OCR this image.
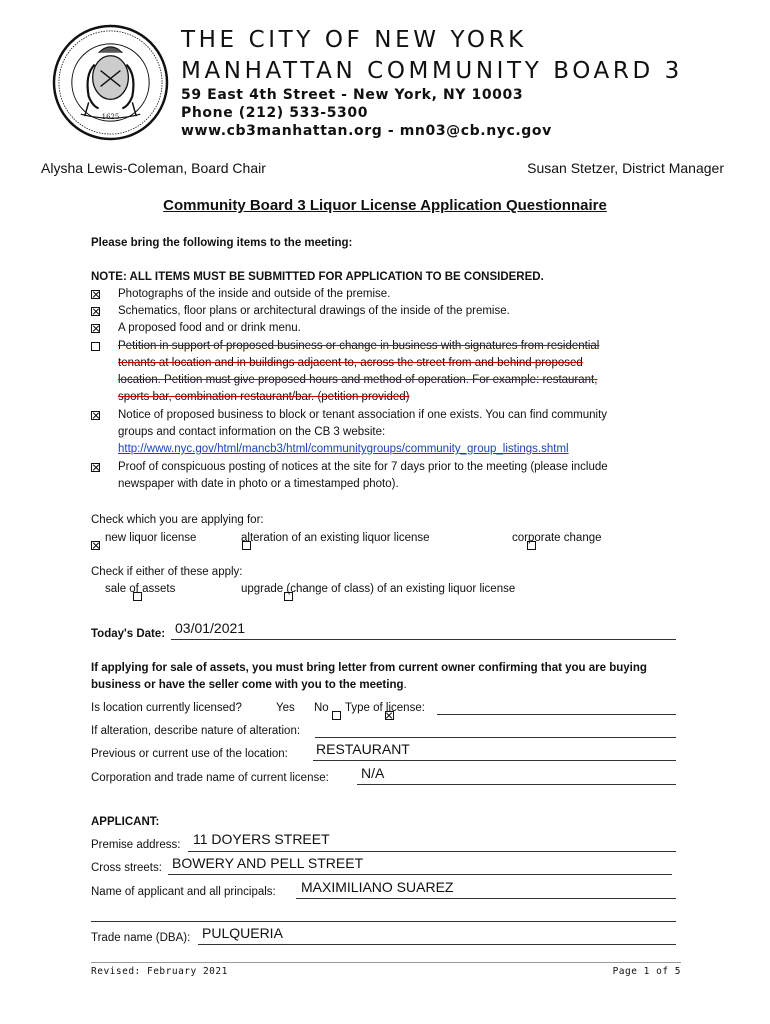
1625
THE CITY OF NEW YORK
MANHATTAN COMMUNITY BOARD 3
59 East 4th Street - New York, NY 10003
Phone (212) 533-5300
www.cb3manhattan.org - mn03@cb.nyc.gov
Alysha Lewis-Coleman, Board Chair	Susan Stetzer, District Manager
Community Board 3 Liquor License Application Questionnaire
Please bring the following items to the meeting:
NOTE: ALL ITEMS MUST BE SUBMITTED FOR APPLICATION TO BE CONSIDERED.
Photographs of the inside and outside of the premise.
Schematics, floor plans or architectural drawings of the inside of the premise.
A proposed food and or drink menu.
Petition in support of proposed business or change in business with signatures from residential
tenants at location and in buildings adjacent to, across the street from and behind proposed
location. Petition must give proposed hours and method of operation. For example: restaurant,
sports bar, combination restaurant/bar. (petition provided)
Notice of proposed business to block or tenant association if one exists. You can find community
groups and contact information on the CB 3 website:
http://www.nyc.gov/html/mancb3/html/communitygroups/community_group_listings.shtml
Proof of conspicuous posting of notices at the site for 7 days prior to the meeting (please include
newspaper with date in photo or a timestamped photo).
Check which you are applying for:

new liquor license
	alteration of an existing liquor license
	corporate change
Check if either of these apply:

sale of assets
	upgrade (change of class) of an existing liquor license
Today's Date: 03/01/2021
If applying for sale of assets, you must bring letter from current owner confirming that you are buying
business or have the seller come with you to the meeting.
Is location currently licensed?
	Yes No Type of license:
If alteration, describe nature of alteration:
Previous or current use of the location: RESTAURANT
Corporation and trade name of current license: N/A
APPLICANT:
Premise address: 11 DOYERS STREET
Cross streets: BOWERY AND PELL STREET
Name of applicant and all principals: MAXIMILIANO SUAREZ
Trade name (DBA): PULQUERIA
Revised: February 2021	Page 1 of 5
